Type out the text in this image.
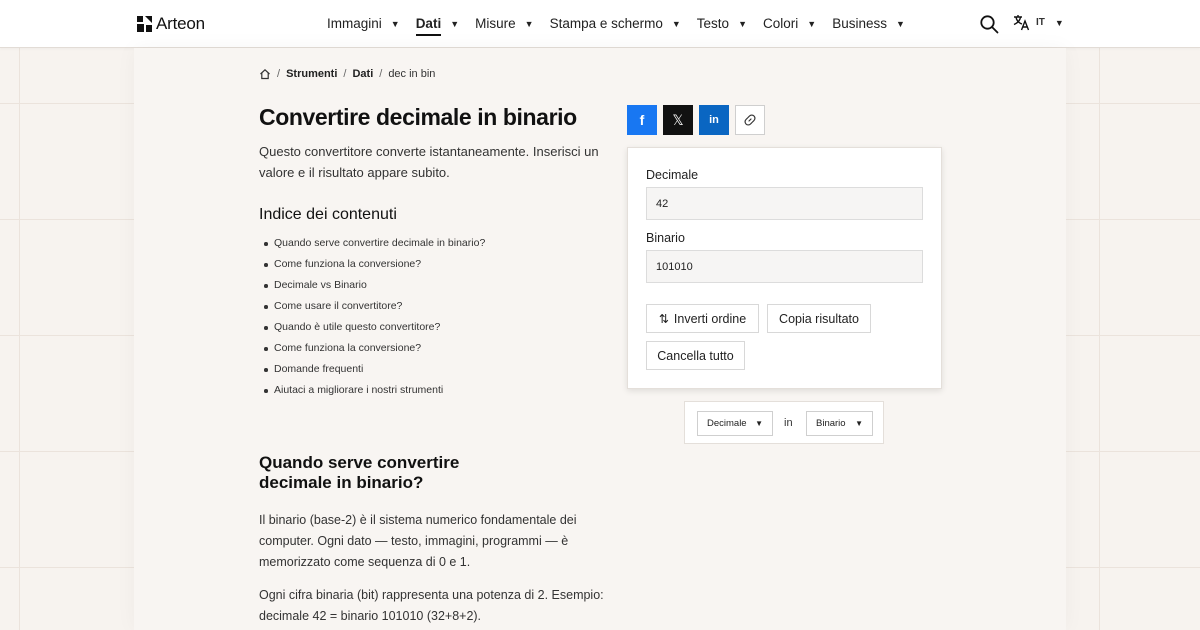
Arteon	Immagini ▼ Dati ▼ Misure ▼ Stampa e schermo ▼ Testo ▼ Colori ▼ Business ▼	IT ▼
/ Strumenti / Dati / dec in bin
Convertire decimale in binario

Questo convertitore converte istantaneamente. Inserisci un valore e il risultato appare subito.

Indice dei contenuti
Quando serve convertire decimale in binario?
Come funziona la conversione?
Decimale vs Binario
Come usare il convertitore?
Quando è utile questo convertitore?
Come funziona la conversione?
Domande frequenti
Aiutaci a migliorare i nostri strumenti
Quando serve convertire decimale in binario?

Il binario (base-2) è il sistema numerico fondamentale dei computer. Ogni dato — testo, immagini, programmi — è memorizzato come sequenza di 0 e 1.

Ogni cifra binaria (bit) rappresenta una potenza di 2. Esempio: decimale 42 = binario 101010 (32+8+2).

f 𝕏 in
Decimale
42
Binario
101010
⇅ Inverti ordine	Copia risultato
Cancella tutto
Decimale ▼ in Binario ▼
